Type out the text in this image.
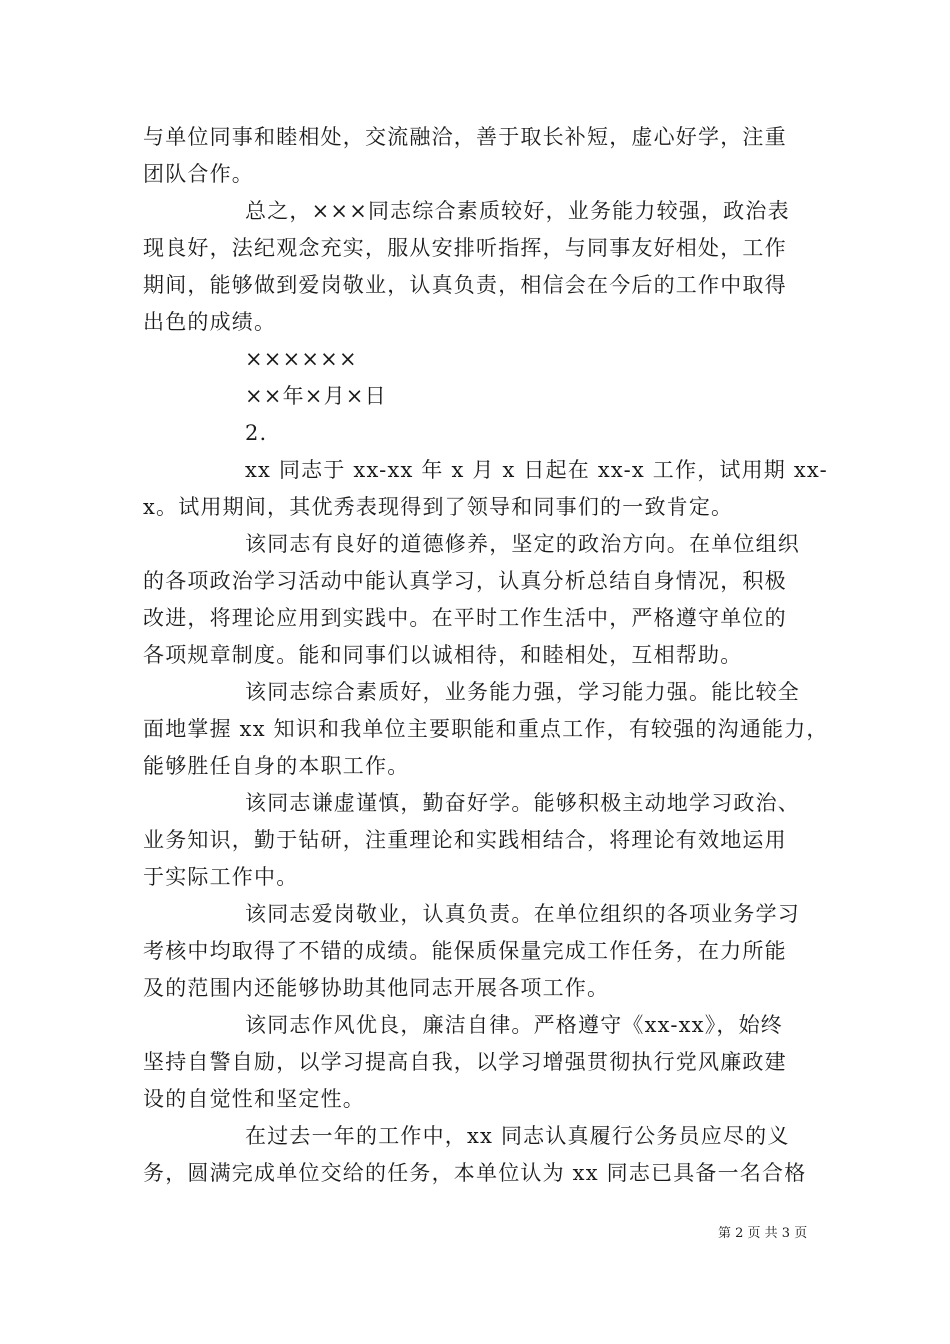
与单位同事和睦相处，交流融洽，善于取长补短，虚心好学，注重
团队合作。
总之，×××同志综合素质较好，业务能力较强，政治表
现良好，法纪观念充实，服从安排听指挥，与同事友好相处，工作
期间，能够做到爱岗敬业，认真负责，相信会在今后的工作中取得
出色的成绩。
××××××
××年×月×日
2.
xx 同志于 xx-xx 年 x 月 x 日起在 xx-x 工作，试用期 xx-
x。试用期间，其优秀表现得到了领导和同事们的一致肯定。
该同志有良好的道德修养，坚定的政治方向。在单位组织
的各项政治学习活动中能认真学习，认真分析总结自身情况，积极
改进，将理论应用到实践中。在平时工作生活中，严格遵守单位的
各项规章制度。能和同事们以诚相待，和睦相处，互相帮助。
该同志综合素质好，业务能力强，学习能力强。能比较全
面地掌握 xx 知识和我单位主要职能和重点工作，有较强的沟通能力，
能够胜任自身的本职工作。
该同志谦虚谨慎，勤奋好学。能够积极主动地学习政治、
业务知识，勤于钻研，注重理论和实践相结合，将理论有效地运用
于实际工作中。
该同志爱岗敬业，认真负责。在单位组织的各项业务学习
考核中均取得了不错的成绩。能保质保量完成工作任务，在力所能
及的范围内还能够协助其他同志开展各项工作。
该同志作风优良，廉洁自律。严格遵守《xx-xx》，始终
坚持自警自励，以学习提高自我，以学习增强贯彻执行党风廉政建
设的自觉性和坚定性。
在过去一年的工作中，xx 同志认真履行公务员应尽的义
务，圆满完成单位交给的任务，本单位认为 xx 同志已具备一名合格
第 2 页 共 3 页
